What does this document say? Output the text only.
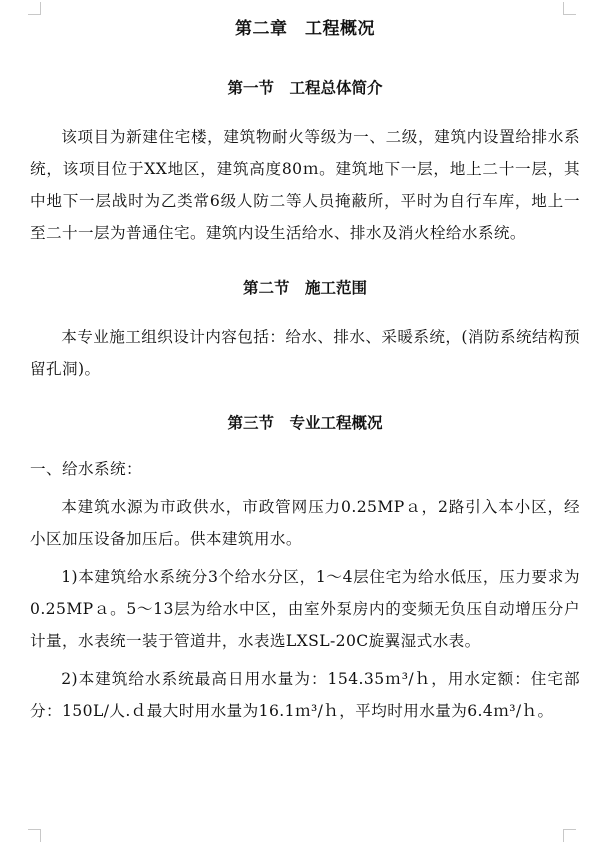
第二章　工程概况
第一节　工程总体简介

该项目为新建住宅楼，建筑物耐火等级为一、二级，建筑内设置给排水系统，该项目位于XX地区，建筑高度80ｍ。建筑地下一层，地上二十一层，其中地下一层战时为乙类常6级人防二等人员掩蔽所，平时为自行车库，地上一至二十一层为普通住宅。建筑内设生活给水、排水及消火栓给水系统。

第二节　施工范围

本专业施工组织设计内容包括：给水、排水、采暖系统，(消防系统结构预留孔洞)。

第三节　专业工程概况

一、给水系统：

本建筑水源为市政供水，市政管网压力0.25MPａ，2路引入本小区，经小区加压设备加压后。供本建筑用水。

1)本建筑给水系统分3个给水分区，1～4层住宅为给水低压，压力要求为0.25MPａ。5～13层为给水中区，由室外泵房内的变频无负压自动增压分户计量，水表统一装于管道井，水表选LXSL-20C旋翼湿式水表。

2)本建筑给水系统最高日用水量为：154.35ｍ³/ｈ，用水定额：住宅部分：150L/人.ｄ最大时用水量为16.1ｍ³/ｈ，平均时用水量为6.4ｍ³/ｈ。
